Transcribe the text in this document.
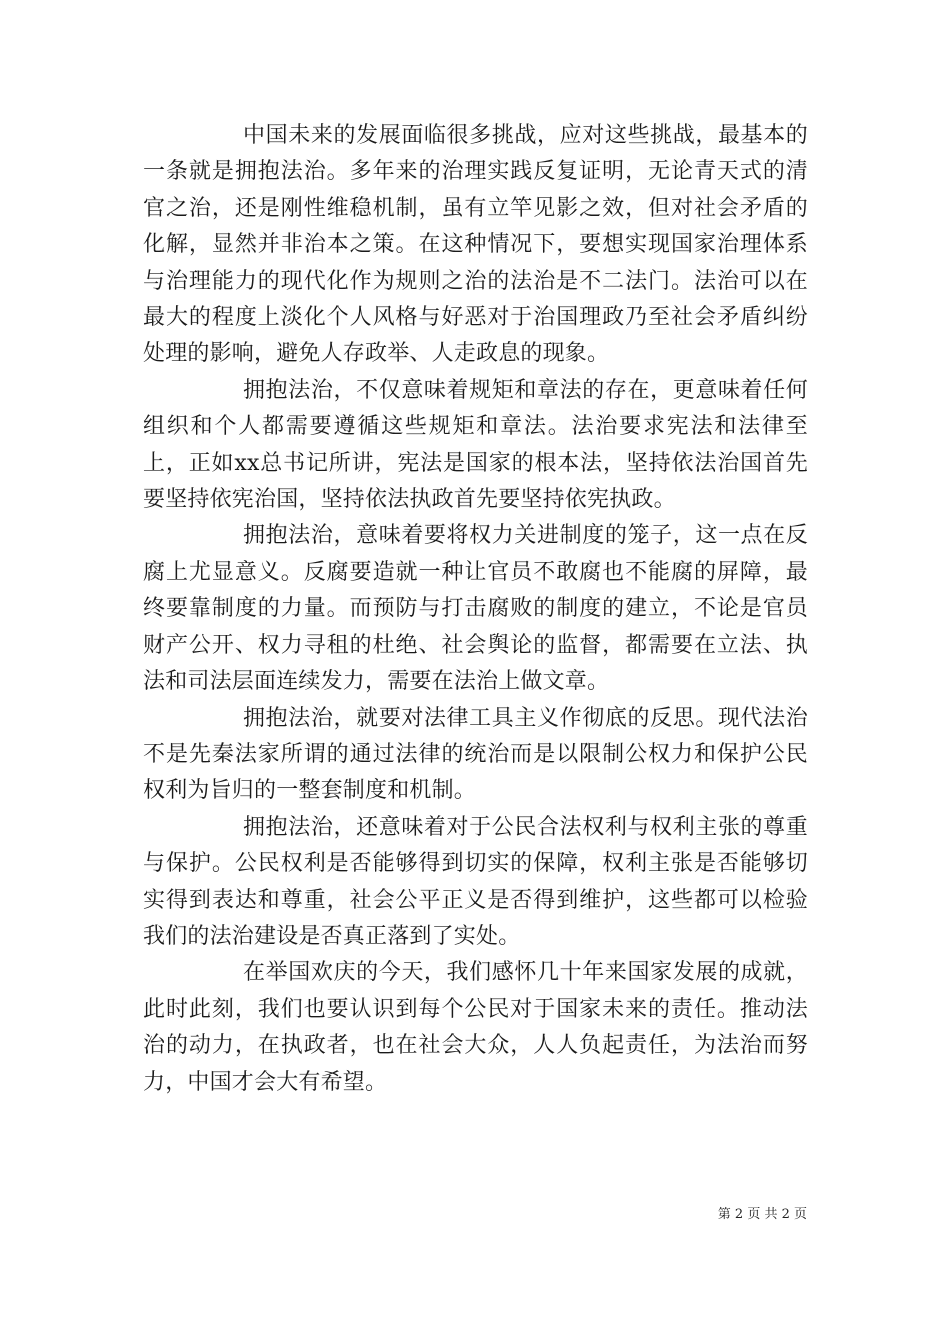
中国未来的发展面临很多挑战，应对这些挑战，最基本的一条就是拥抱法治。多年来的治理实践反复证明，无论青天式的清官之治，还是刚性维稳机制，虽有立竿见影之效，但对社会矛盾的化解，显然并非治本之策。在这种情况下，要想实现国家治理体系与治理能力的现代化作为规则之治的法治是不二法门。法治可以在最大的程度上淡化个人风格与好恶对于治国理政乃至社会矛盾纠纷处理的影响，避免人存政举、人走政息的现象。

拥抱法治，不仅意味着规矩和章法的存在，更意味着任何组织和个人都需要遵循这些规矩和章法。法治要求宪法和法律至上，正如xx总书记所讲，宪法是国家的根本法，坚持依法治国首先要坚持依宪治国，坚持依法执政首先要坚持依宪执政。

拥抱法治，意味着要将权力关进制度的笼子，这一点在反腐上尤显意义。反腐要造就一种让官员不敢腐也不能腐的屏障，最终要靠制度的力量。而预防与打击腐败的制度的建立，不论是官员财产公开、权力寻租的杜绝、社会舆论的监督，都需要在立法、执法和司法层面连续发力，需要在法治上做文章。

拥抱法治，就要对法律工具主义作彻底的反思。现代法治不是先秦法家所谓的通过法律的统治而是以限制公权力和保护公民权利为旨归的一整套制度和机制。

拥抱法治，还意味着对于公民合法权利与权利主张的尊重与保护。公民权利是否能够得到切实的保障，权利主张是否能够切实得到表达和尊重，社会公平正义是否得到维护，这些都可以检验我们的法治建设是否真正落到了实处。

在举国欢庆的今天，我们感怀几十年来国家发展的成就，此时此刻，我们也要认识到每个公民对于国家未来的责任。推动法治的动力，在执政者，也在社会大众，人人负起责任，为法治而努力，中国才会大有希望。

第 2 页 共 2 页
